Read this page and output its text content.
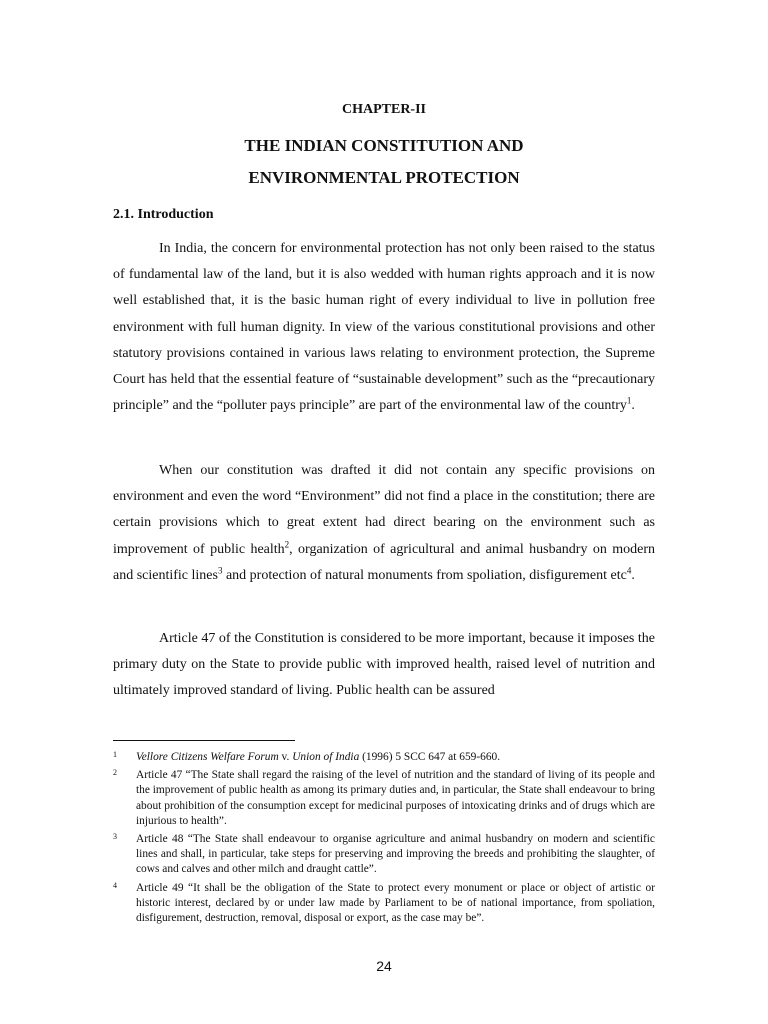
CHAPTER-II
THE INDIAN CONSTITUTION AND
ENVIRONMENTAL PROTECTION
2.1. Introduction

In India, the concern for environmental protection has not only been raised to the status of fundamental law of the land, but it is also wedded with human rights approach and it is now well established that, it is the basic human right of every individual to live in pollution free environment with full human dignity. In view of the various constitutional provisions and other statutory provisions contained in various laws relating to environment protection, the Supreme Court has held that the essential feature of “sustainable development” such as the “precautionary principle” and the “polluter pays principle” are part of the environmental law of the country$^1$.

When our constitution was drafted it did not contain any specific provisions on environment and even the word “Environment” did not find a place in the constitution; there are certain provisions which to great extent had direct bearing on the environment such as improvement of public health$^2$, organization of agricultural and animal husbandry on modern and scientific lines$^3$ and protection of natural monuments from spoliation, disfigurement etc$^4$.

Article 47 of the Constitution is considered to be more important, because it imposes the primary duty on the State to provide public with improved health, raised level of nutrition and ultimately improved standard of living. Public health can be assured

1 Vellore Citizens Welfare Forum v. Union of India (1996) 5 SCC 647 at 659-660.
2 Article 47 “The State shall regard the raising of the level of nutrition and the standard of living of its people and the improvement of public health as among its primary duties and, in particular, the State shall endeavour to bring about prohibition of the consumption except for medicinal purposes of intoxicating drinks and of drugs which are injurious to health”.
3 Article 48 “The State shall endeavour to organise agriculture and animal husbandry on modern and scientific lines and shall, in particular, take steps for preserving and improving the breeds and prohibiting the slaughter, of cows and calves and other milch and draught cattle”.
4 Article 49 “It shall be the obligation of the State to protect every monument or place or object of artistic or historic interest, declared by or under law made by Parliament to be of national importance, from spoliation, disfigurement, destruction, removal, disposal or export, as the case may be”.
24
